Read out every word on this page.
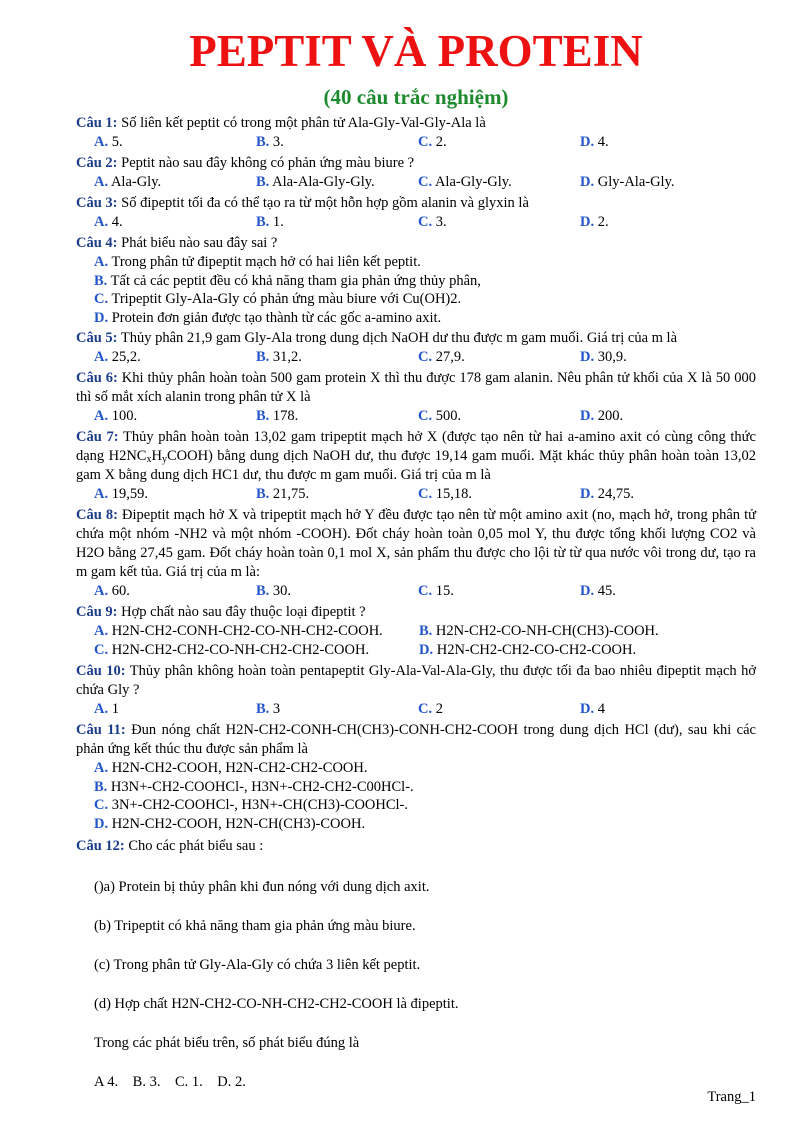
PEPTIT VÀ PROTEIN
(40 câu trắc nghiệm)
Câu 1: Số liên kết peptit có trong một phân tử Ala-Gly-Val-Gly-Ala là
A. 5.	B. 3.	C. 2.	D. 4.
Câu 2: Peptit nào sau đây không có phản ứng màu biure ?
A. Ala-Gly.	B. Ala-Ala-Gly-Gly.	C. Ala-Gly-Gly.	D. Gly-Ala-Gly.
Câu 3: Số đipeptit tối đa có thể tạo ra từ một hỗn hợp gồm alanin và glyxin là
A. 4.	B. 1.	C. 3.	D. 2.
Câu 4: Phát biểu nào sau đây sai ?
A. Trong phân tử đipeptit mạch hở có hai liên kết peptit.
B. Tất cả các peptit đều có khả năng tham gia phản ứng thủy phân,
C. Tripeptit Gly-Ala-Gly có phản ứng màu biure với Cu(OH)2.
D. Protein đơn giản được tạo thành từ các gốc a-amino axit.
Câu 5: Thủy phân 21,9 gam Gly-Ala trong dung dịch NaOH dư thu được m gam muối. Giá trị của m là
A. 25,2.	B. 31,2.	C. 27,9.	D. 30,9.
Câu 6: Khi thủy phân hoàn toàn 500 gam protein X thì thu được 178 gam alanin. Nêu phân tử khối của X là 50 000 thì số mắt xích alanin trong phân tử X là
A. 100.	B. 178.	C. 500.	D. 200.
Câu 7: Thủy phân hoàn toàn 13,02 gam tripeptit mạch hở X (được tạo nên từ hai a-amino axit có cùng công thức dạng $H2NC_xH_yCOOH$) bằng dung dịch NaOH dư, thu được 19,14 gam muối. Mặt khác thủy phân hoàn toàn 13,02 gam X bằng dung dịch HC1 dư, thu được m gam muối. Giá trị của m là
A. 19,59.	B. 21,75.	C. 15,18.	D. 24,75.
Câu 8: Đipeptit mạch hở X và tripeptit mạch hở Y đều được tạo nên từ một amino axit (no, mạch hở, trong phân tử chứa một nhóm -NH2 và một nhóm -COOH). Đốt cháy hoàn toàn 0,05 mol Y, thu được tổng khối lượng CO2 và H2O bằng 27,45 gam. Đốt cháy hoàn toàn 0,1 mol X, sản phẩm thu được cho lội từ từ qua nước vôi trong dư, tạo ra m gam kết tủa. Giá trị của m là:
A. 60.	B. 30.	C. 15.	D. 45.
Câu 9: Hợp chất nào sau đây thuộc loại đipeptit ?
A. H2N-CH2-CONH-CH2-CO-NH-CH2-COOH.	B. H2N-CH2-CO-NH-CH(CH3)-COOH.
C. H2N-CH2-CH2-CO-NH-CH2-CH2-COOH.	D. H2N-CH2-CH2-CO-CH2-COOH.
Câu 10: Thủy phân không hoàn toàn pentapeptit Gly-Ala-Val-Ala-Gly, thu được tối đa bao nhiêu đipeptit mạch hở chứa Gly ?
A. 1	B. 3	C. 2	D. 4
Câu 11: Đun nóng chất H2N-CH2-CONH-CH(CH3)-CONH-CH2-COOH trong dung dịch HCl (dư), sau khi các phản ứng kết thúc thu được sản phẩm là
A. H2N-CH2-COOH, H2N-CH2-CH2-COOH.
B. H3N+-CH2-COOHCl-, H3N+-CH2-CH2-C00HCl-.
C. 3N+-CH2-COOHCl-, H3N+-CH(CH3)-COOHCl-.
D. H2N-CH2-COOH, H2N-CH(CH3)-COOH.
Câu 12: Cho các phát biểu sau :
()a) Protein bị thủy phân khi đun nóng với dung dịch axit.
(b) Tripeptit có khả năng tham gia phản ứng màu biure.
(c) Trong phân tử Gly-Ala-Gly có chứa 3 liên kết peptit.
(d) Hợp chất H2N-CH2-CO-NH-CH2-CH2-COOH là đipeptit.
Trong các phát biểu trên, số phát biểu đúng là
A 4.    B. 3.    C. 1.    D. 2.
Trang_1
